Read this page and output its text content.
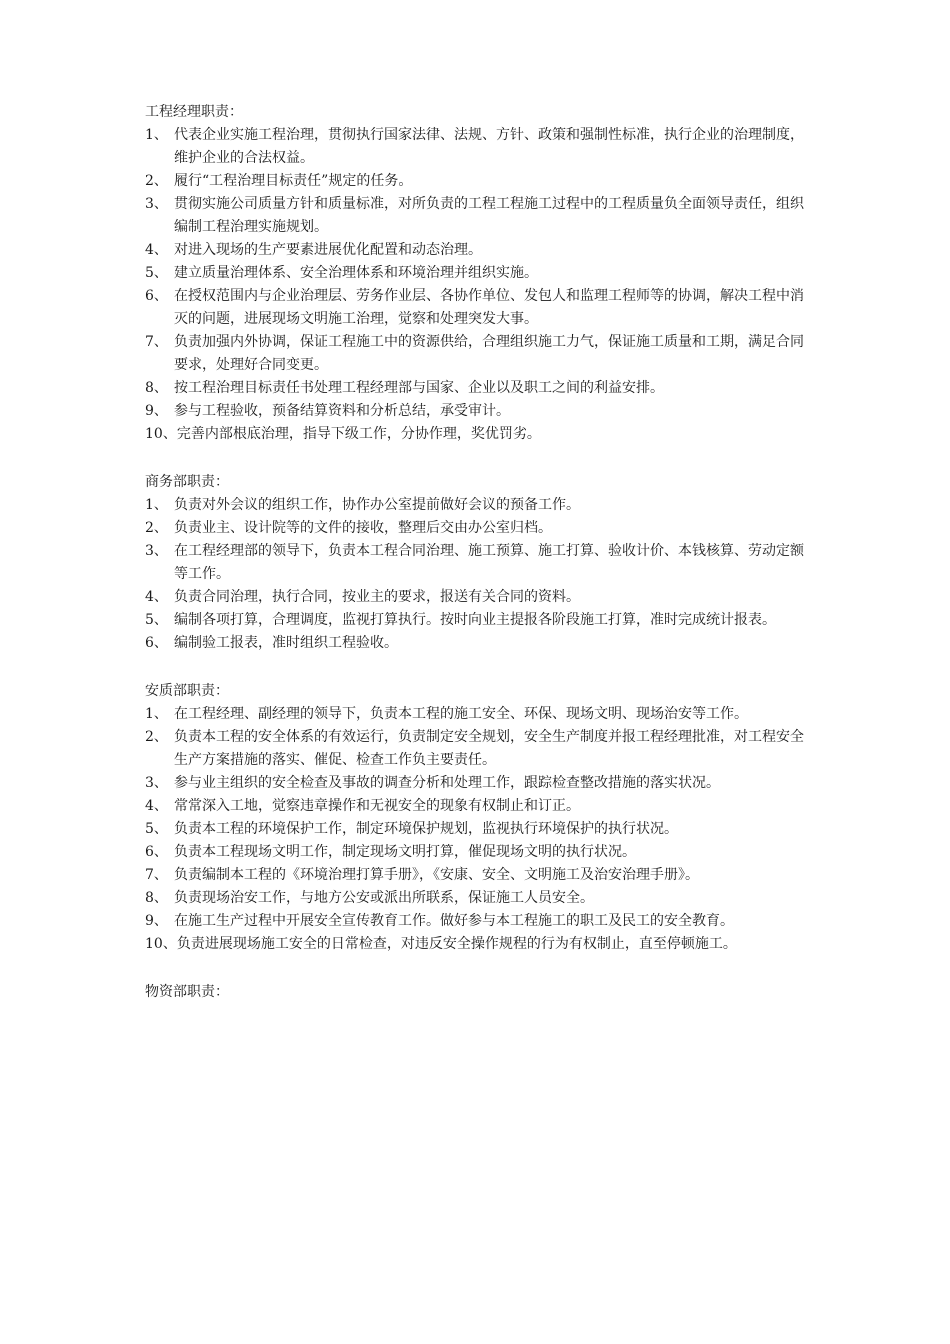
工程经理职责：
1、 代表企业实施工程治理，贯彻执行国家法律、法规、方针、政策和强制性标准，执行企业的治理制度，维护企业的合法权益。
2、 履行“工程治理目标责任”规定的任务。
3、 贯彻实施公司质量方针和质量标准，对所负责的工程工程施工过程中的工程质量负全面领导责任，组织编制工程治理实施规划。
4、 对进入现场的生产要素进展优化配置和动态治理。
5、 建立质量治理体系、安全治理体系和环境治理并组织实施。
6、 在授权范围内与企业治理层、劳务作业层、各协作单位、发包人和监理工程师等的协调，解决工程中消灭的问题，进展现场文明施工治理，觉察和处理突发大事。
7、 负责加强内外协调，保证工程施工中的资源供给，合理组织施工力气，保证施工质量和工期，满足合同要求，处理好合同变更。
8、 按工程治理目标责任书处理工程经理部与国家、企业以及职工之间的利益安排。
9、 参与工程验收，预备结算资料和分析总结，承受审计。
10、完善内部根底治理，指导下级工作，分协作理，奖优罚劣。
商务部职责：
1、 负责对外会议的组织工作，协作办公室提前做好会议的预备工作。
2、 负责业主、设计院等的文件的接收，整理后交由办公室归档。
3、 在工程经理部的领导下，负责本工程合同治理、施工预算、施工打算、验收计价、本钱核算、劳动定额等工作。
4、 负责合同治理，执行合同，按业主的要求，报送有关合同的资料。
5、 编制各项打算，合理调度，监视打算执行。按时向业主提报各阶段施工打算，准时完成统计报表。
6、 编制验工报表，准时组织工程验收。
安质部职责：
1、 在工程经理、副经理的领导下，负责本工程的施工安全、环保、现场文明、现场治安等工作。
2、 负责本工程的安全体系的有效运行，负责制定安全规划，安全生产制度并报工程经理批准，对工程安全生产方案措施的落实、催促、检查工作负主要责任。
3、 参与业主组织的安全检查及事故的调查分析和处理工作，跟踪检查整改措施的落实状况。
4、 常常深入工地，觉察违章操作和无视安全的现象有权制止和订正。
5、 负责本工程的环境保护工作，制定环境保护规划，监视执行环境保护的执行状况。
6、 负责本工程现场文明工作，制定现场文明打算，催促现场文明的执行状况。
7、 负责编制本工程的《环境治理打算手册》，《安康、安全、文明施工及治安治理手册》。
8、 负责现场治安工作，与地方公安或派出所联系，保证施工人员安全。
9、 在施工生产过程中开展安全宣传教育工作。做好参与本工程施工的职工及民工的安全教育。
10、负责进展现场施工安全的日常检查，对违反安全操作规程的行为有权制止，直至停顿施工。
物资部职责：
